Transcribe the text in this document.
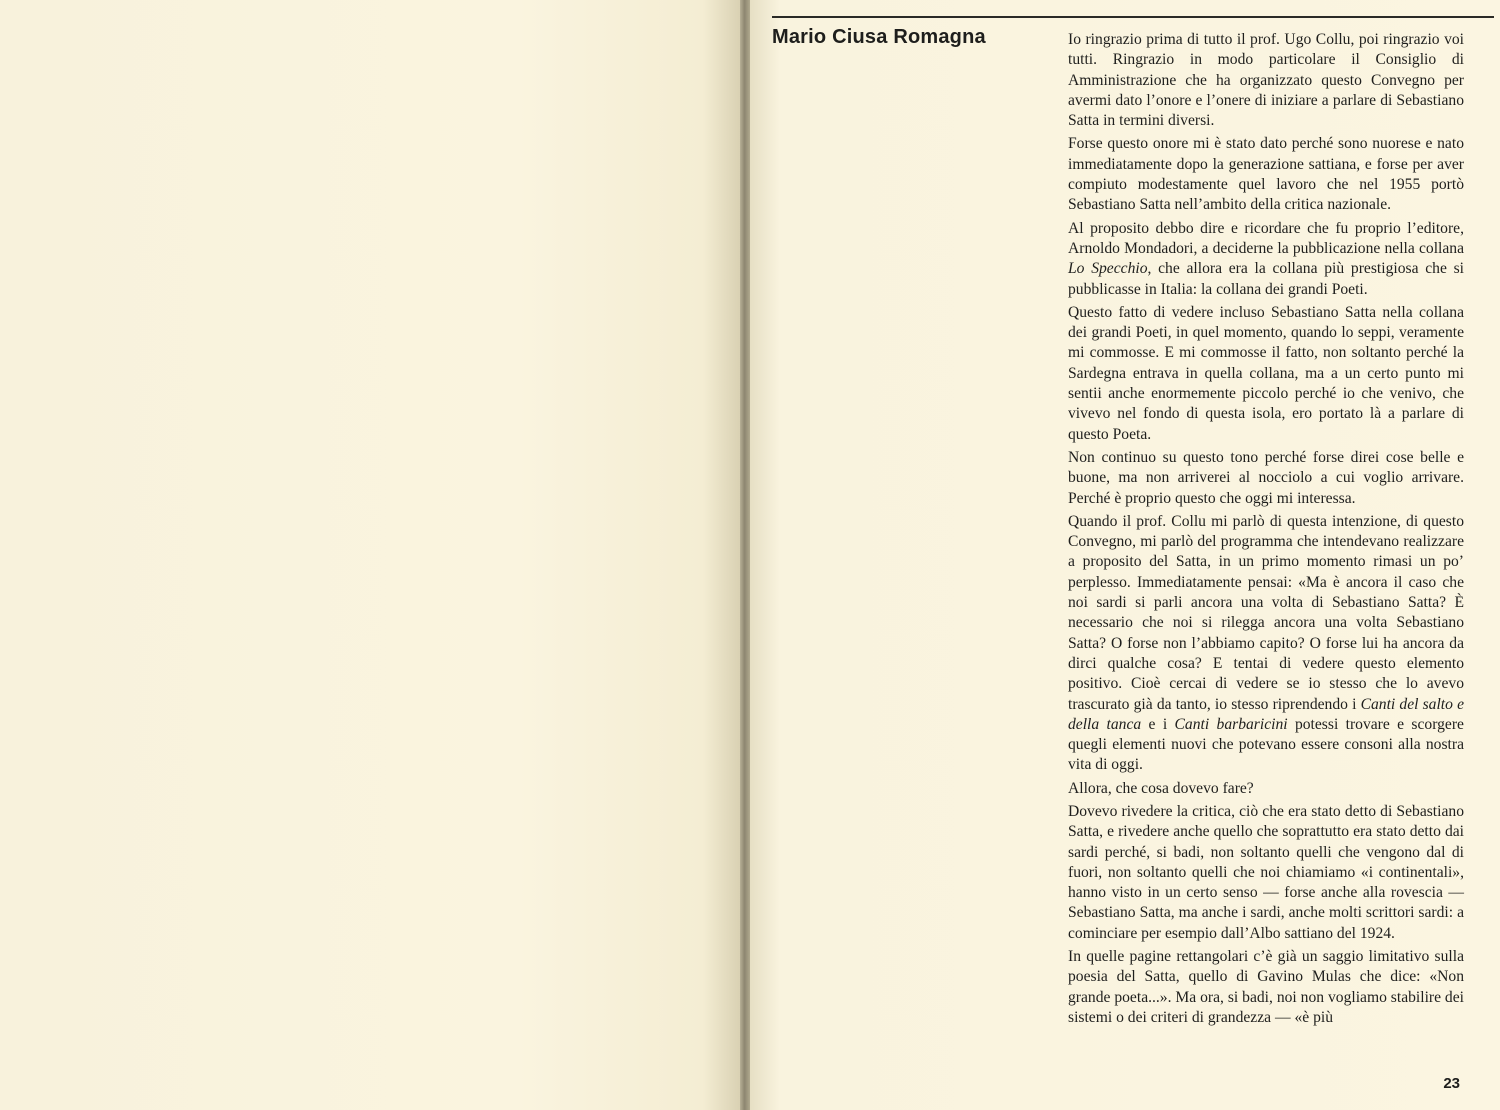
Mario Ciusa Romagna	Io ringrazio prima di tutto il prof. Ugo Collu, poi ringrazio voi tutti. Ringrazio in modo particolare il Consiglio di Amministrazione che ha organizzato questo Convegno per avermi dato l’onore e l’onere di iniziare a parlare di Sebastiano Satta in termini diversi.

Forse questo onore mi è stato dato perché sono nuorese e nato immediatamente dopo la generazione sattiana, e forse per aver compiuto modestamente quel lavoro che nel 1955 portò Sebastiano Satta nell’ambito della critica nazionale.

Al proposito debbo dire e ricordare che fu proprio l’editore, Arnoldo Mondadori, a deciderne la pubblicazione nella collana Lo Specchio, che allora era la collana più prestigiosa che si pubblicasse in Italia: la collana dei grandi Poeti.

Questo fatto di vedere incluso Sebastiano Satta nella collana dei grandi Poeti, in quel momento, quando lo seppi, veramente mi commosse. E mi commosse il fatto, non soltanto perché la Sardegna entrava in quella collana, ma a un certo punto mi sentii anche enormemente piccolo perché io che venivo, che vivevo nel fondo di questa isola, ero portato là a parlare di questo Poeta.

Non continuo su questo tono perché forse direi cose belle e buone, ma non arriverei al nocciolo a cui voglio arrivare. Perché è proprio questo che oggi mi interessa.

Quando il prof. Collu mi parlò di questa intenzione, di questo Convegno, mi parlò del programma che intendevano realizzare a proposito del Satta, in un primo momento rimasi un po’ perplesso. Immediatamente pensai: «Ma è ancora il caso che noi sardi si parli ancora una volta di Sebastiano Satta? È necessario che noi si rilegga ancora una volta Sebastiano Satta? O forse non l’abbiamo capito? O forse lui ha ancora da dirci qualche cosa? E tentai di vedere questo elemento positivo. Cioè cercai di vedere se io stesso che lo avevo trascurato già da tanto, io stesso riprendendo i Canti del salto e della tanca e i Canti barbaricini potessi trovare e scorgere quegli elementi nuovi che potevano essere consoni alla nostra vita di oggi.

Allora, che cosa dovevo fare?

Dovevo rivedere la critica, ciò che era stato detto di Sebastiano Satta, e rivedere anche quello che soprattutto era stato detto dai sardi perché, si badi, non soltanto quelli che vengono dal di fuori, non soltanto quelli che noi chiamiamo «i continentali», hanno visto in un certo senso — forse anche alla rovescia — Sebastiano Satta, ma anche i sardi, anche molti scrittori sardi: a cominciare per esempio dall’Albo sattiano del 1924.

In quelle pagine rettangolari c’è già un saggio limitativo sulla poesia del Satta, quello di Gavino Mulas che dice: «Non grande poeta...». Ma ora, si badi, noi non vogliamo stabilire dei sistemi o dei criteri di grandezza — «è più

23
